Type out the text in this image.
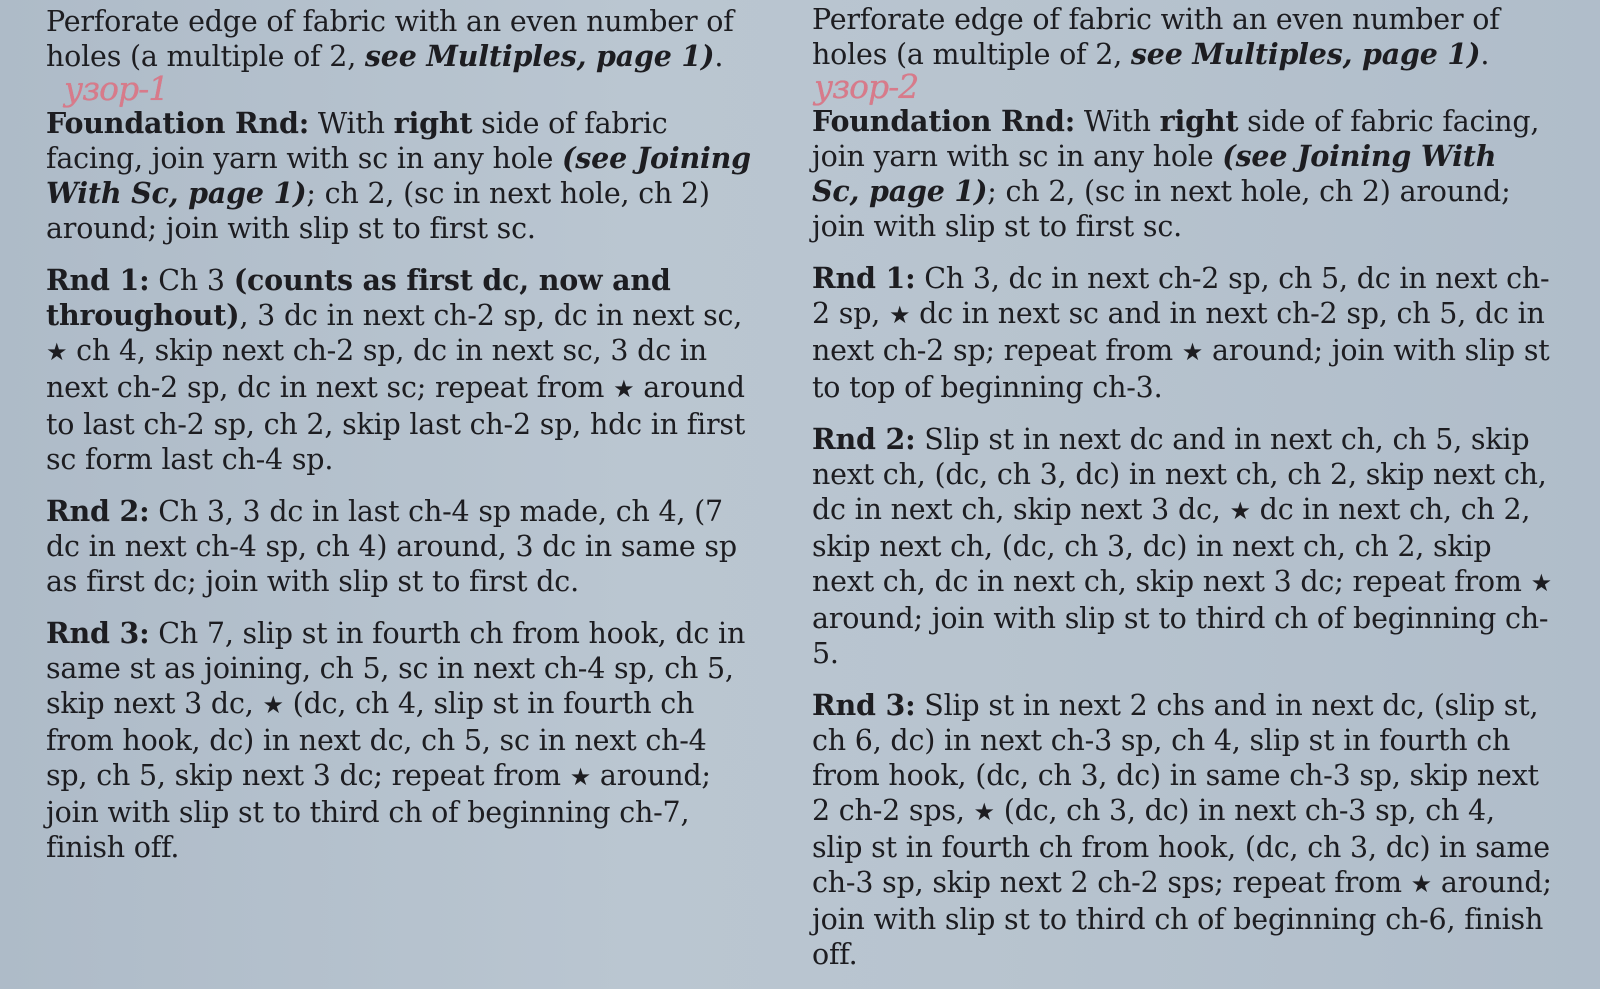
Perforate edge of fabric with an even number of holes (a multiple of 2, see Multiples, page 1).

узор-1

Foundation Rnd: With right side of fabric facing, join yarn with sc in any hole (see Joining With Sc, page 1); ch 2, (sc in next hole, ch 2) around; join with slip st to first sc.

Rnd 1: Ch 3 (counts as first dc, now and throughout), 3 dc in next ch-2 sp, dc in next sc, ★ ch 4, skip next ch-2 sp, dc in next sc, 3 dc in next ch-2 sp, dc in next sc; repeat from ★ around to last ch-2 sp, ch 2, skip last ch-2 sp, hdc in first sc form last ch-4 sp.

Rnd 2: Ch 3, 3 dc in last ch-4 sp made, ch 4, (7 dc in next ch-4 sp, ch 4) around, 3 dc in same sp as first dc; join with slip st to first dc.

Rnd 3: Ch 7, slip st in fourth ch from hook, dc in same st as joining, ch 5, sc in next ch-4 sp, ch 5, skip next 3 dc, ★ (dc, ch 4, slip st in fourth ch from hook, dc) in next dc, ch 5, sc in next ch-4 sp, ch 5, skip next 3 dc; repeat from ★ around; join with slip st to third ch of beginning ch-7, finish off.

Perforate edge of fabric with an even number of holes (a multiple of 2, see Multiples, page 1).

узор-2

Foundation Rnd: With right side of fabric facing, join yarn with sc in any hole (see Joining With Sc, page 1); ch 2, (sc in next hole, ch 2) around; join with slip st to first sc.

Rnd 1: Ch 3, dc in next ch-2 sp, ch 5, dc in next ch-2 sp, ★ dc in next sc and in next ch-2 sp, ch 5, dc in next ch-2 sp; repeat from ★ around; join with slip st to top of beginning ch-3.

Rnd 2: Slip st in next dc and in next ch, ch 5, skip next ch, (dc, ch 3, dc) in next ch, ch 2, skip next ch, dc in next ch, skip next 3 dc, ★ dc in next ch, ch 2, skip next ch, (dc, ch 3, dc) in next ch, ch 2, skip next ch, dc in next ch, skip next 3 dc; repeat from ★ around; join with slip st to third ch of beginning ch-5.

Rnd 3: Slip st in next 2 chs and in next dc, (slip st, ch 6, dc) in next ch-3 sp, ch 4, slip st in fourth ch from hook, (dc, ch 3, dc) in same ch-3 sp, skip next 2 ch-2 sps, ★ (dc, ch 3, dc) in next ch-3 sp, ch 4, slip st in fourth ch from hook, (dc, ch 3, dc) in same ch-3 sp, skip next 2 ch-2 sps; repeat from ★ around; join with slip st to third ch of beginning ch-6, finish off.
